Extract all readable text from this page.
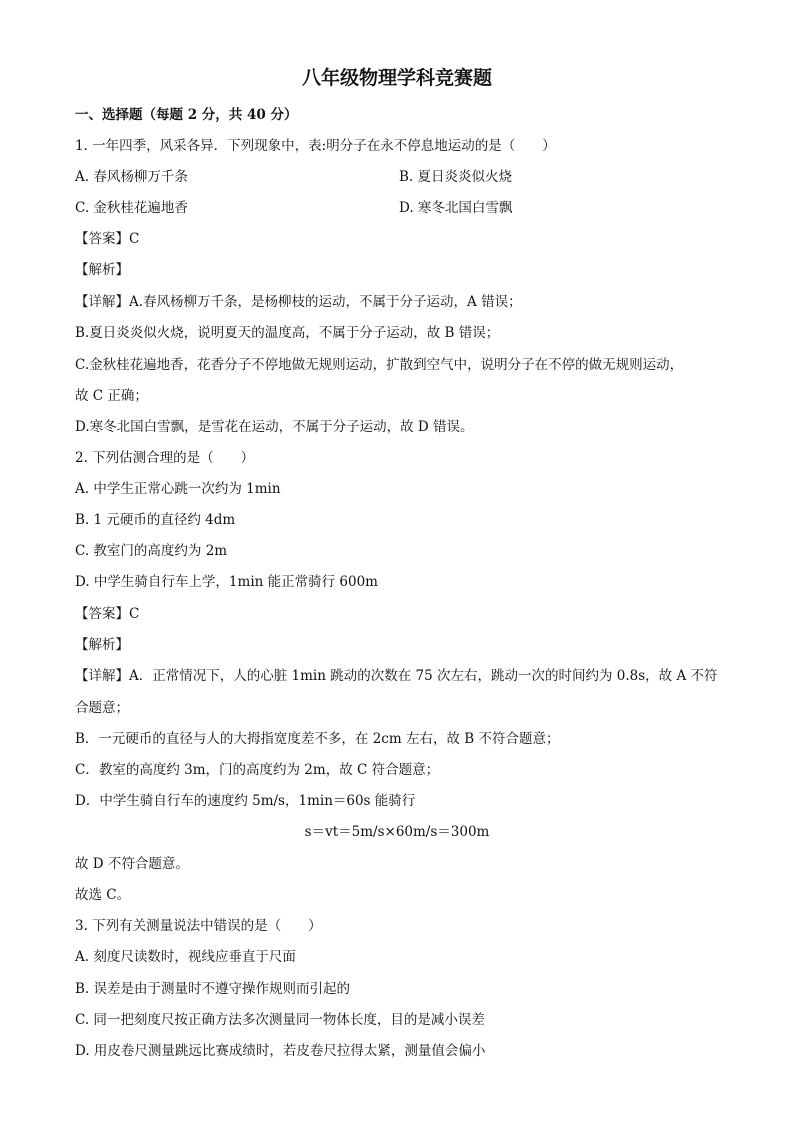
八年级物理学科竞赛题
一、选择题（每题 2 分，共 40 分）
1. 一年四季，风采各异．下列现象中，表:明分子在永不停息地运动的是（　　）
A. 春风杨柳万千条	B. 夏日炎炎似火烧
C. 金秋桂花遍地香	D. 寒冬北国白雪飘
【答案】C
【解析】
【详解】A.春风杨柳万千条，是杨柳枝的运动，不属于分子运动，A 错误；
B.夏日炎炎似火烧，说明夏天的温度高，不属于分子运动，故 B 错误；
C.金秋桂花遍地香，花香分子不停地做无规则运动，扩散到空气中，说明分子在不停的做无规则运动，
故 C 正确；
D.寒冬北国白雪飘，是雪花在运动，不属于分子运动，故 D 错误。
2. 下列估测合理的是（　　）
A. 中学生正常心跳一次约为 1min
B. 1 元硬币的直径约 4dm
C. 教室门的高度约为 2m
D. 中学生骑自行车上学，1min 能正常骑行 600m
【答案】C
【解析】
【详解】A．正常情况下，人的心脏 1min 跳动的次数在 75 次左右，跳动一次的时间约为 0.8s，故 A 不符
合题意；
B．一元硬币的直径与人的大拇指宽度差不多，在 2cm 左右，故 B 不符合题意；
C．教室的高度约 3m，门的高度约为 2m，故 C 符合题意；
D．中学生骑自行车的速度约 5m/s，1min＝60s 能骑行
s＝vt＝5m/s×60m/s＝300m
故 D 不符合题意。
故选 C。
3. 下列有关测量说法中错误的是（　　）
A. 刻度尺读数时，视线应垂直于尺面
B. 误差是由于测量时不遵守操作规则而引起的
C. 同一把刻度尺按正确方法多次测量同一物体长度，目的是减小误差
D. 用皮卷尺测量跳远比赛成绩时，若皮卷尺拉得太紧，测量值会偏小
